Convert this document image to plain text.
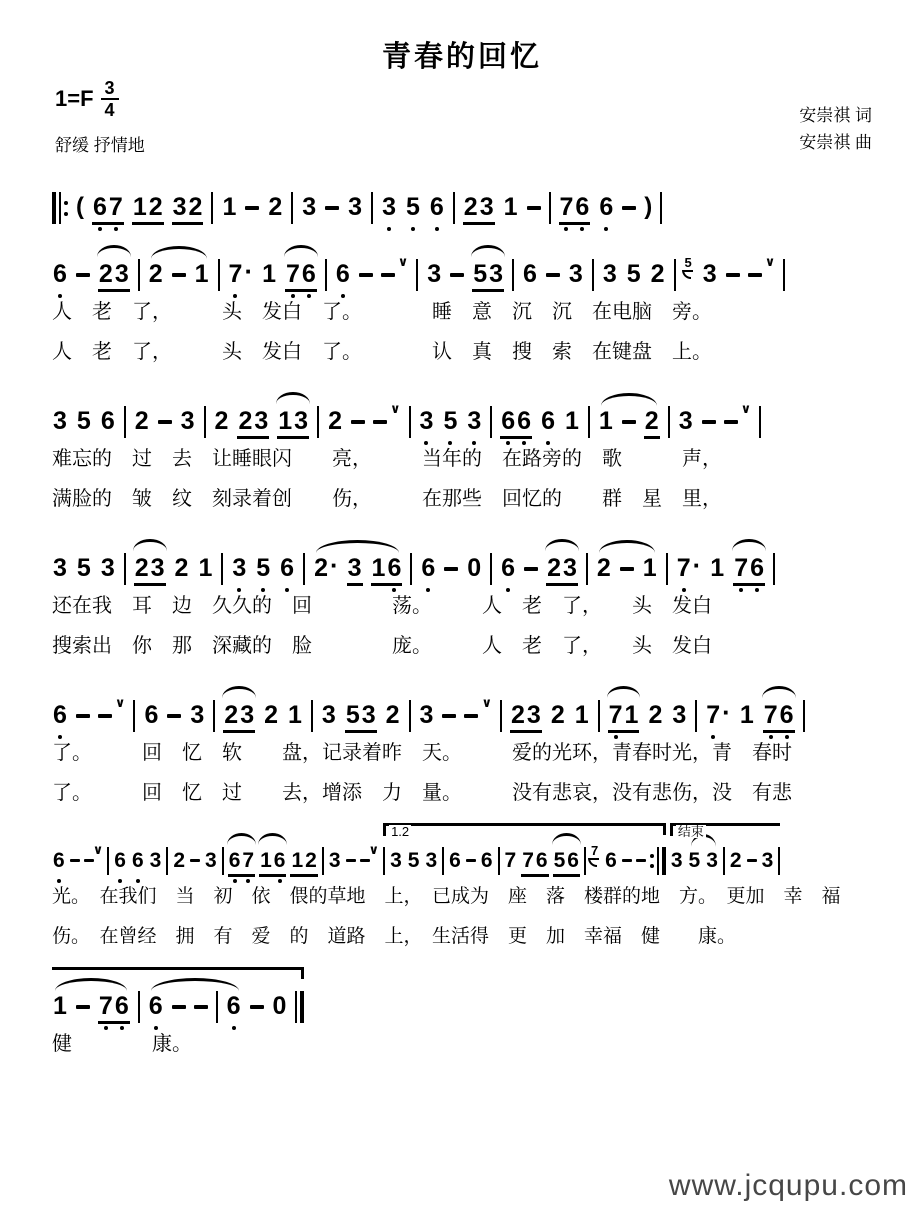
青春的回忆
$1=F \frac{3}{4}$
舒缓 抒情地
安崇祺 词
安崇祺 曲
( 6 7 1 2 3 2 1 2 3 3 3 5 6 2 3 1 7 6 6 )
6 2 3 2 1 7 · 1 7 6 6	∨ 3 5 3 6 3 3 5 2 5 3	∨
人　老　了，　　　头　发白　了。　　　　睡　意　沉　沉　在电脑　旁。
人　老　了，　　　头　发白　了。　　　　认　真　搜　索　在键盘　上。
3 5 6 2 3 2 2 3 1 3 2	∨ 3 5 3 6 6 6 1 1 2 3	∨
难忘的　过　去　让睡眼闪　　亮，　　　当年的　在路旁的　歌　　　声，
满脸的　皱　纹　刻录着创　　伤，　　　在那些　回忆的　　群　星　里，
3 5 3 2 3 2 1 3 5 6 2 · 3 1 6 6 0 6 2 3 2 1 7 · 1 7 6
还在我　耳　边　久久的　回　　　　荡。　　　人　老　了，　　头　发白
搜索出　你　那　深藏的　脸　　　　庞。　　　人　老　了，　　头　发白
6	∨ 6 3 2 3 2 1 3 5 3 2 3	∨ 2 3 2 1 7 1 2 3 7 · 1 7 6
了。　　　回　忆　软　　盘，记录着昨　天。　　　爱的光环，青春时光，青　春时
了。　　　回　忆　过　　去，增添　力　量。　　　没有悲哀，没有悲伤，没　有悲
6 ∨ 6 6 3 2 3 6 7 1 6 1 2 3 ∨
1.2
3 5 3 6 6 7 7 6 5 6 7 6
结束
3 5 3 2 3
光。　在我们　当　初　依　偎的草地　上，　已成为　座　落　楼群的地　方。　更加　幸　福
伤。　在曾经　拥　有　爱　的　道路　上，　生活得　更　加　幸福　健　　康。
1 7 6 6	6 0
健　　　　康。
www.jcqupu.com
